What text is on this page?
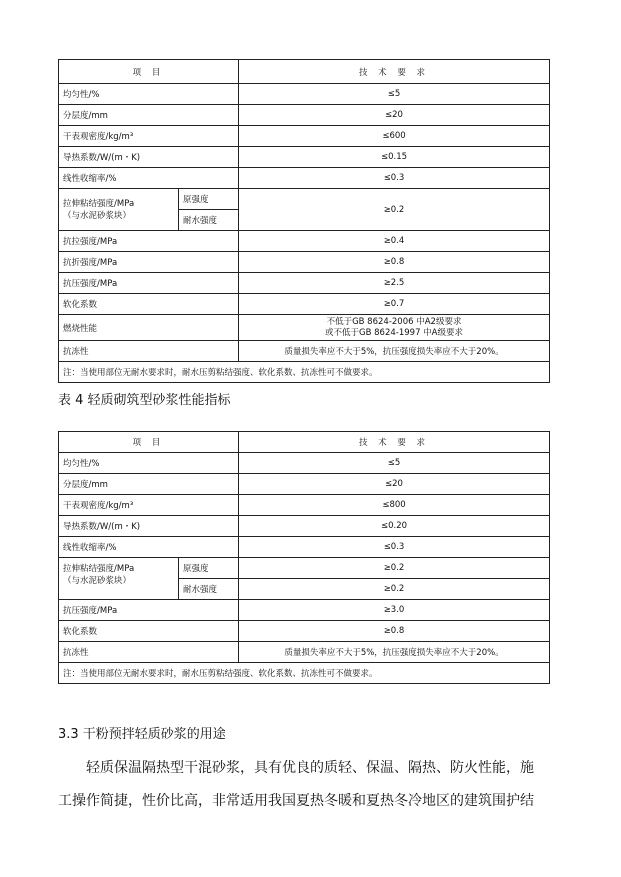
项 目		技 术 要 求
均匀性/%		≤5
分层度/mm		≤20
干表观密度/kg/m³		≤600
导热系数/W/(m・K)		≤0.15
线性收缩率/%		≤0.3

拉伸粘结强度/MPa
（与水泥砂浆块）	原强度	≥0.2
	耐水强度	
抗拉强度/MPa		≥0.4
抗折强度/MPa		≥0.8
抗压强度/MPa		≥2.5
软化系数		≥0.7
燃烧性能		不低于GB 8624-2006 中A2级要求
或不低于GB 8624-1997 中A级要求

抗冻性		质量损失率应不大于5%，抗压强度损失率应不大于20%。
注：当使用部位无耐水要求时，耐水压剪粘结强度、软化系数、抗冻性可不做要求。		
表 4 轻质砌筑型砂浆性能指标
项 目		技 术 要 求
均匀性/%		≤5
分层度/mm		≤20
干表观密度/kg/m³		≤800
导热系数/W/(m・K)		≤0.20
线性收缩率/%		≤0.3

拉伸粘结强度/MPa
（与水泥砂浆块）	原强度	≥0.2
	耐水强度	≥0.2
抗压强度/MPa		≥3.0
软化系数		≥0.8
抗冻性		质量损失率应不大于5%，抗压强度损失率应不大于20%。
注：当使用部位无耐水要求时，耐水压剪粘结强度、软化系数、抗冻性可不做要求。		
3.3 干粉预拌轻质砂浆的用途
轻质保温隔热型干混砂浆，具有优良的质轻、保温、隔热、防火性能，施
工操作简捷，性价比高，非常适用我国夏热冬暖和夏热冬冷地区的建筑围护结
